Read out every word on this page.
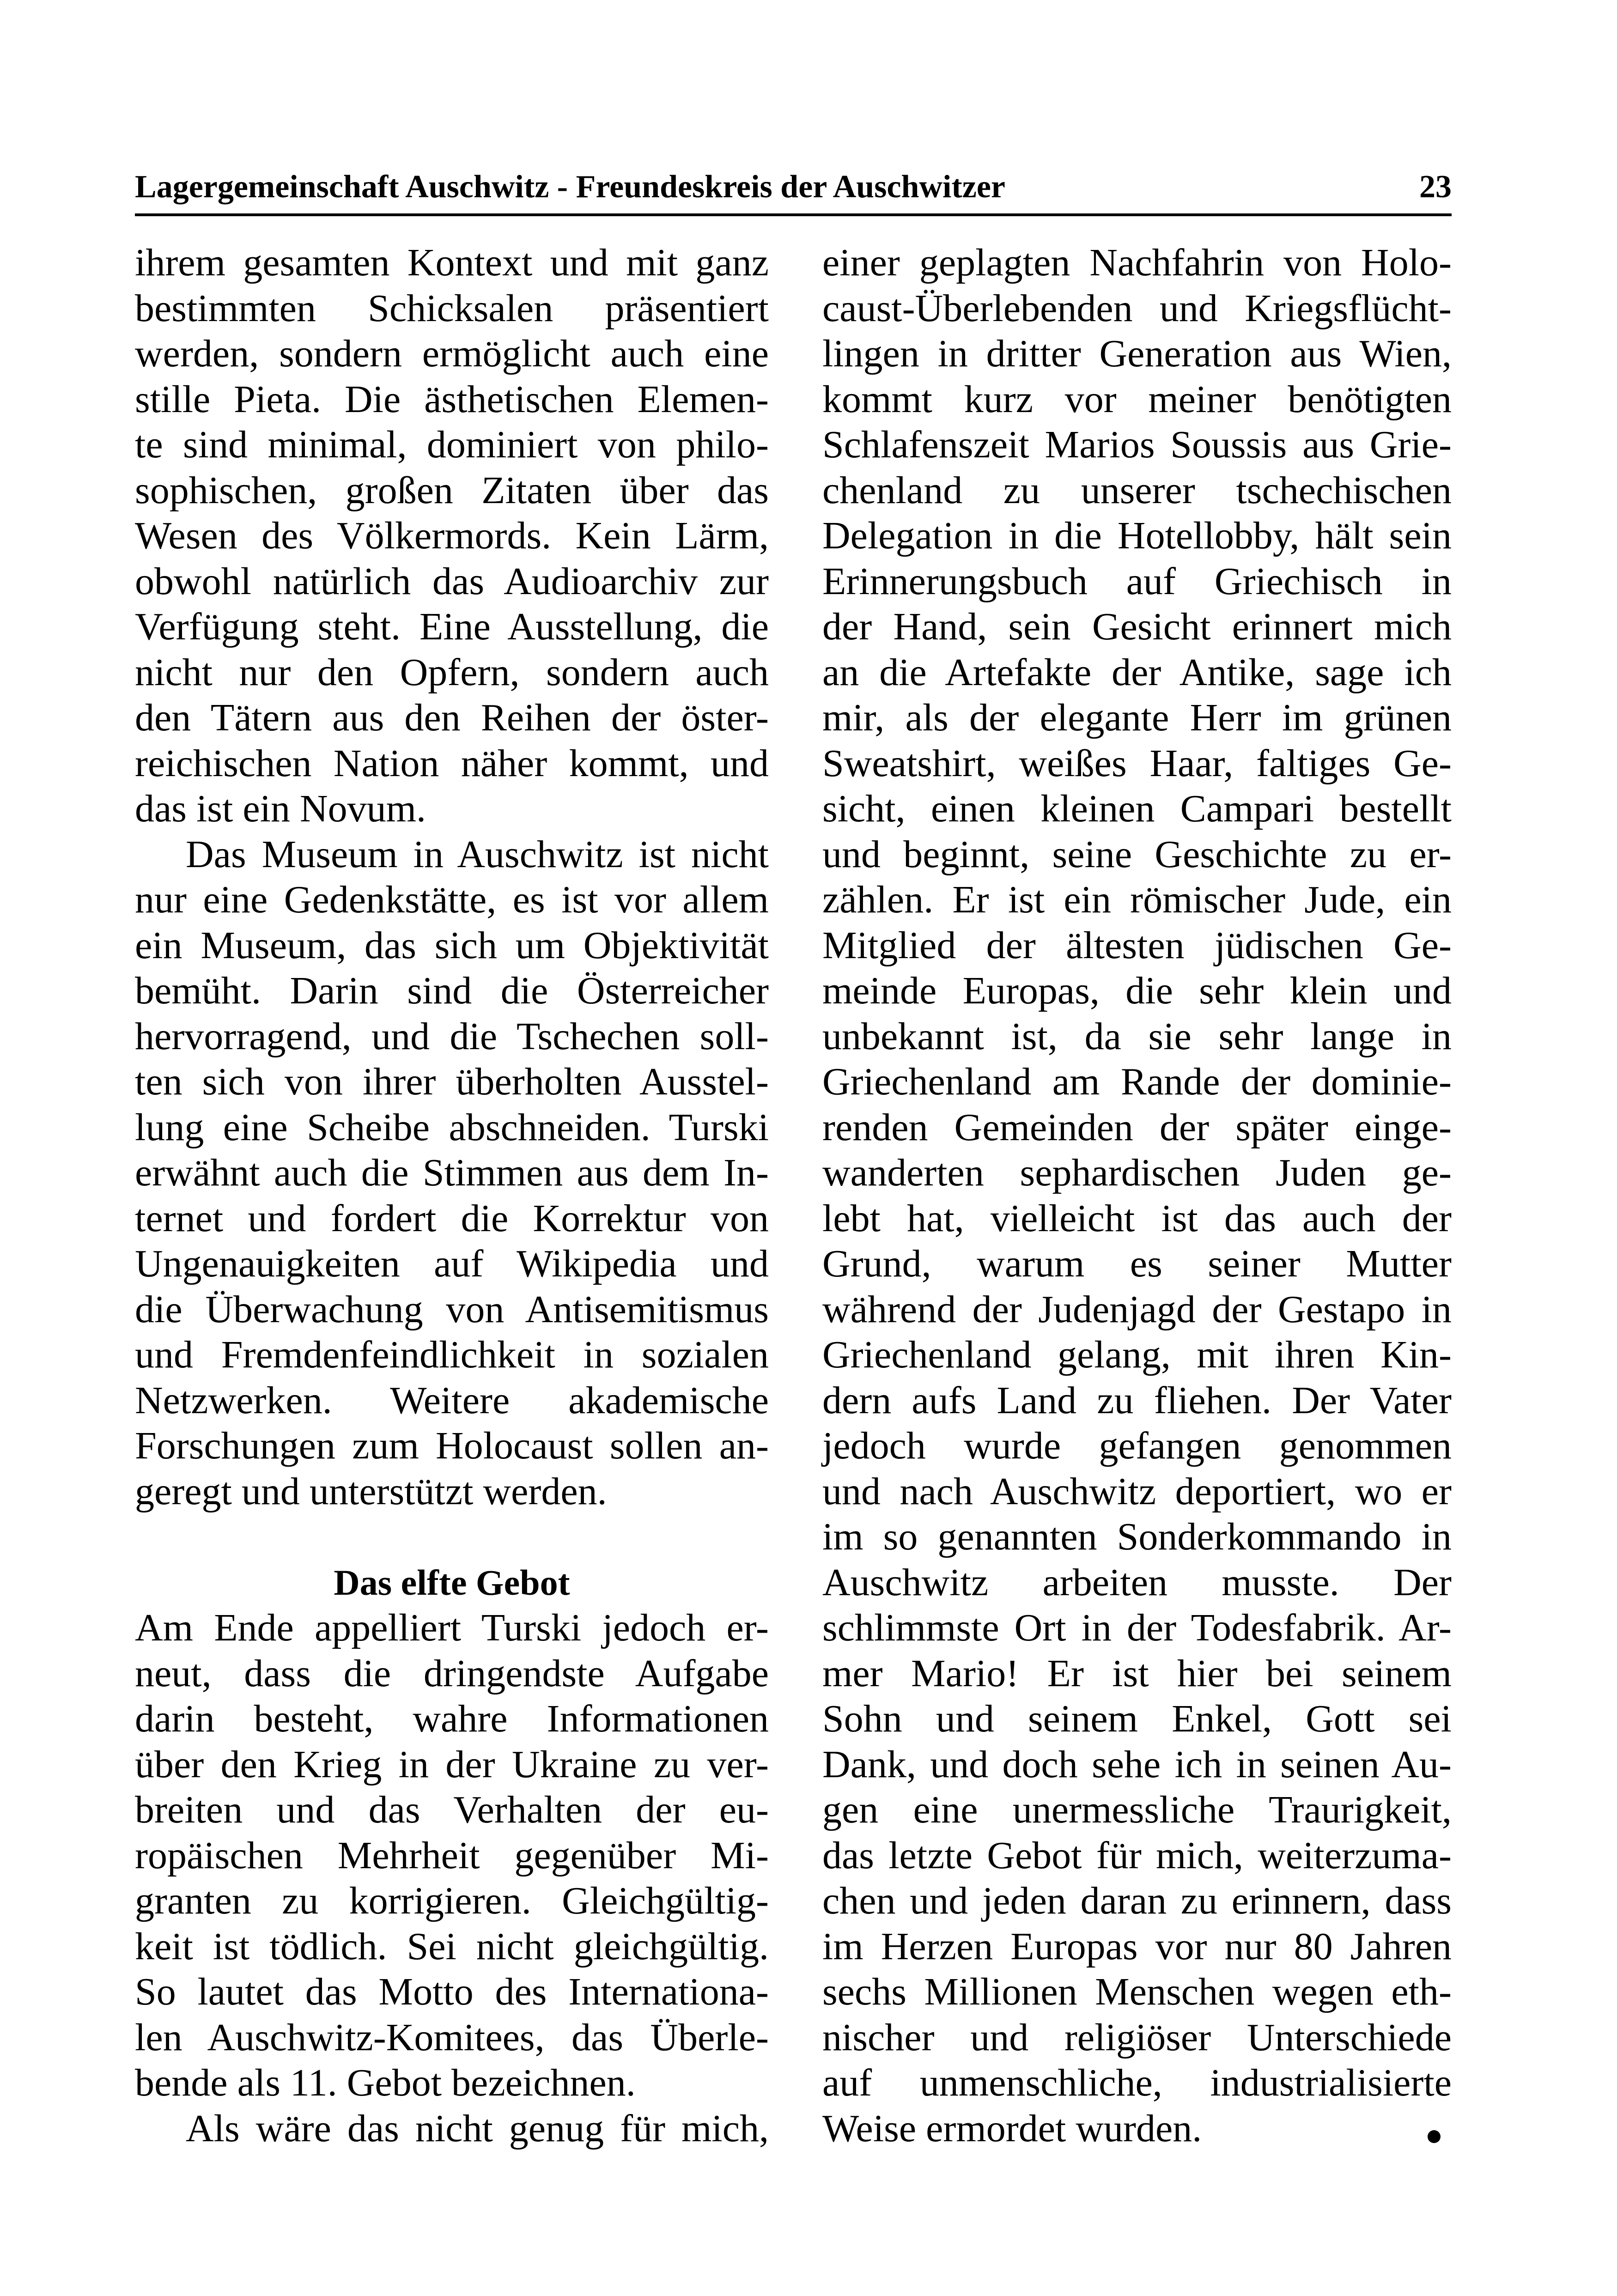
Lagergemeinschaft Auschwitz - Freundeskreis der Auschwitzer	23
ihrem gesamten Kontext und mit ganz
bestimmten Schicksalen präsentiert
werden, sondern ermöglicht auch eine
stille Pieta. Die ästhetischen Elemen-
te sind minimal, dominiert von philo-
sophischen, großen Zitaten über das
Wesen des Völkermords. Kein Lärm,
obwohl natürlich das Audioarchiv zur
Verfügung steht. Eine Ausstellung, die
nicht nur den Opfern, sondern auch
den Tätern aus den Reihen der öster-
reichischen Nation näher kommt, und
das ist ein Novum.
Das Museum in Auschwitz ist nicht
nur eine Gedenkstätte, es ist vor allem
ein Museum, das sich um Objektivität
bemüht. Darin sind die Österreicher
hervorragend, und die Tschechen soll-
ten sich von ihrer überholten Ausstel-
lung eine Scheibe abschneiden. Turski
erwähnt auch die Stimmen aus dem In-
ternet und fordert die Korrektur von
Ungenauigkeiten auf Wikipedia und
die Überwachung von Antisemitismus
und Fremdenfeindlichkeit in sozialen
Netzwerken. Weitere akademische
Forschungen zum Holocaust sollen an-
geregt und unterstützt werden.
Das elfte Gebot
Am Ende appelliert Turski jedoch er-
neut, dass die dringendste Aufgabe
darin besteht, wahre Informationen
über den Krieg in der Ukraine zu ver-
breiten und das Verhalten der eu-
ropäischen Mehrheit gegenüber Mi-
granten zu korrigieren. Gleichgültig-
keit ist tödlich. Sei nicht gleichgültig.
So lautet das Motto des Internationa-
len Auschwitz-Komitees, das Überle-
bende als 11. Gebot bezeichnen.
Als wäre das nicht genug für mich,
einer geplagten Nachfahrin von Holo-
caust-Überlebenden und Kriegsflücht-
lingen in dritter Generation aus Wien,
kommt kurz vor meiner benötigten
Schlafenszeit Marios Soussis aus Grie-
chenland zu unserer tschechischen
Delegation in die Hotellobby, hält sein
Erinnerungsbuch auf Griechisch in
der Hand, sein Gesicht erinnert mich
an die Artefakte der Antike, sage ich
mir, als der elegante Herr im grünen
Sweatshirt, weißes Haar, faltiges Ge-
sicht, einen kleinen Campari bestellt
und beginnt, seine Geschichte zu er-
zählen. Er ist ein römischer Jude, ein
Mitglied der ältesten jüdischen Ge-
meinde Europas, die sehr klein und
unbekannt ist, da sie sehr lange in
Griechenland am Rande der dominie-
renden Gemeinden der später einge-
wanderten sephardischen Juden ge-
lebt hat, vielleicht ist das auch der
Grund, warum es seiner Mutter
während der Judenjagd der Gestapo in
Griechenland gelang, mit ihren Kin-
dern aufs Land zu fliehen. Der Vater
jedoch wurde gefangen genommen
und nach Auschwitz deportiert, wo er
im so genannten Sonderkommando in
Auschwitz arbeiten musste. Der
schlimmste Ort in der Todesfabrik. Ar-
mer Mario! Er ist hier bei seinem
Sohn und seinem Enkel, Gott sei
Dank, und doch sehe ich in seinen Au-
gen eine unermessliche Traurigkeit,
das letzte Gebot für mich, weiterzuma-
chen und jeden daran zu erinnern, dass
im Herzen Europas vor nur 80 Jahren
sechs Millionen Menschen wegen eth-
nischer und religiöser Unterschiede
auf unmenschliche, industrialisierte
Weise ermordet wurden.
